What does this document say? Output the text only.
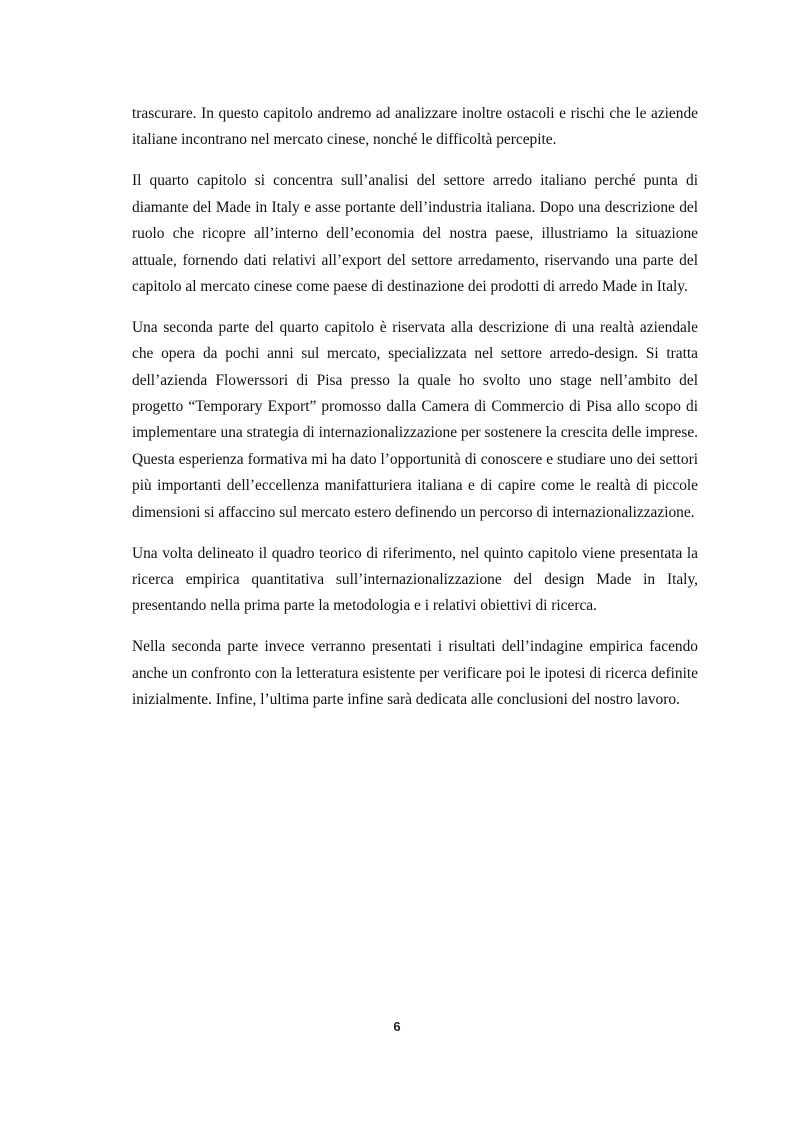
trascurare. In questo capitolo andremo ad analizzare inoltre ostacoli e rischi che le aziende italiane incontrano nel mercato cinese, nonché le difficoltà percepite.

Il quarto capitolo si concentra sull’analisi del settore arredo italiano perché punta di diamante del Made in Italy e asse portante dell’industria italiana. Dopo una descrizione del ruolo che ricopre all’interno dell’economia del nostra paese, illustriamo la situazione attuale, fornendo dati relativi all’export del settore arredamento, riservando una parte del capitolo al mercato cinese come paese di destinazione dei prodotti di arredo Made in Italy.

Una seconda parte del quarto capitolo è riservata alla descrizione di una realtà aziendale che opera da pochi anni sul mercato, specializzata nel settore arredo-design. Si tratta dell’azienda Flowerssori di Pisa presso la quale ho svolto uno stage nell’ambito del progetto “Temporary Export” promosso dalla Camera di Commercio di Pisa allo scopo di implementare una strategia di internazionalizzazione per sostenere la crescita delle imprese. Questa esperienza formativa mi ha dato l’opportunità di conoscere e studiare uno dei settori più importanti dell’eccellenza manifatturiera italiana e di capire come le realtà di piccole dimensioni si affaccino sul mercato estero definendo un percorso di internazionalizzazione.

Una volta delineato il quadro teorico di riferimento, nel quinto capitolo viene presentata la ricerca empirica quantitativa sull’internazionalizzazione del design Made in Italy, presentando nella prima parte la metodologia e i relativi obiettivi di ricerca.

Nella seconda parte invece verranno presentati i risultati dell’indagine empirica facendo anche un confronto con la letteratura esistente per verificare poi le ipotesi di ricerca definite inizialmente. Infine, l’ultima parte infine sarà dedicata alle conclusioni del nostro lavoro.

6
